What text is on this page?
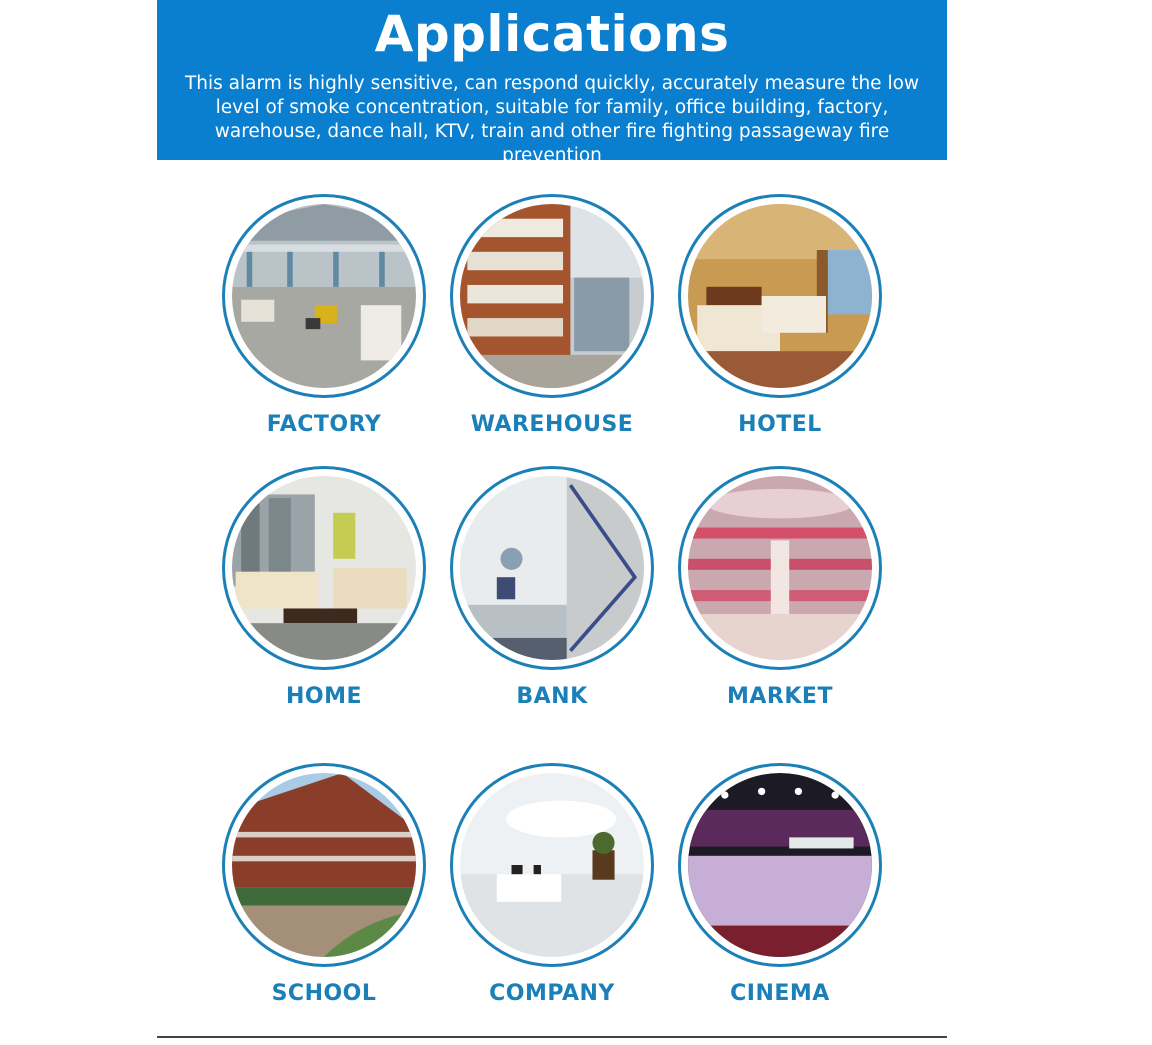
Applications

This alarm is highly sensitive, can respond quickly, accurately measure the low level of smoke concentration, suitable for family, office building, factory, warehouse, dance hall, KTV, train and other fire fighting passageway fire prevention

FACTORY	WAREHOUSE	HOTEL
HOME	BANK	MARKET
SCHOOL	COMPANY	CINEMA
